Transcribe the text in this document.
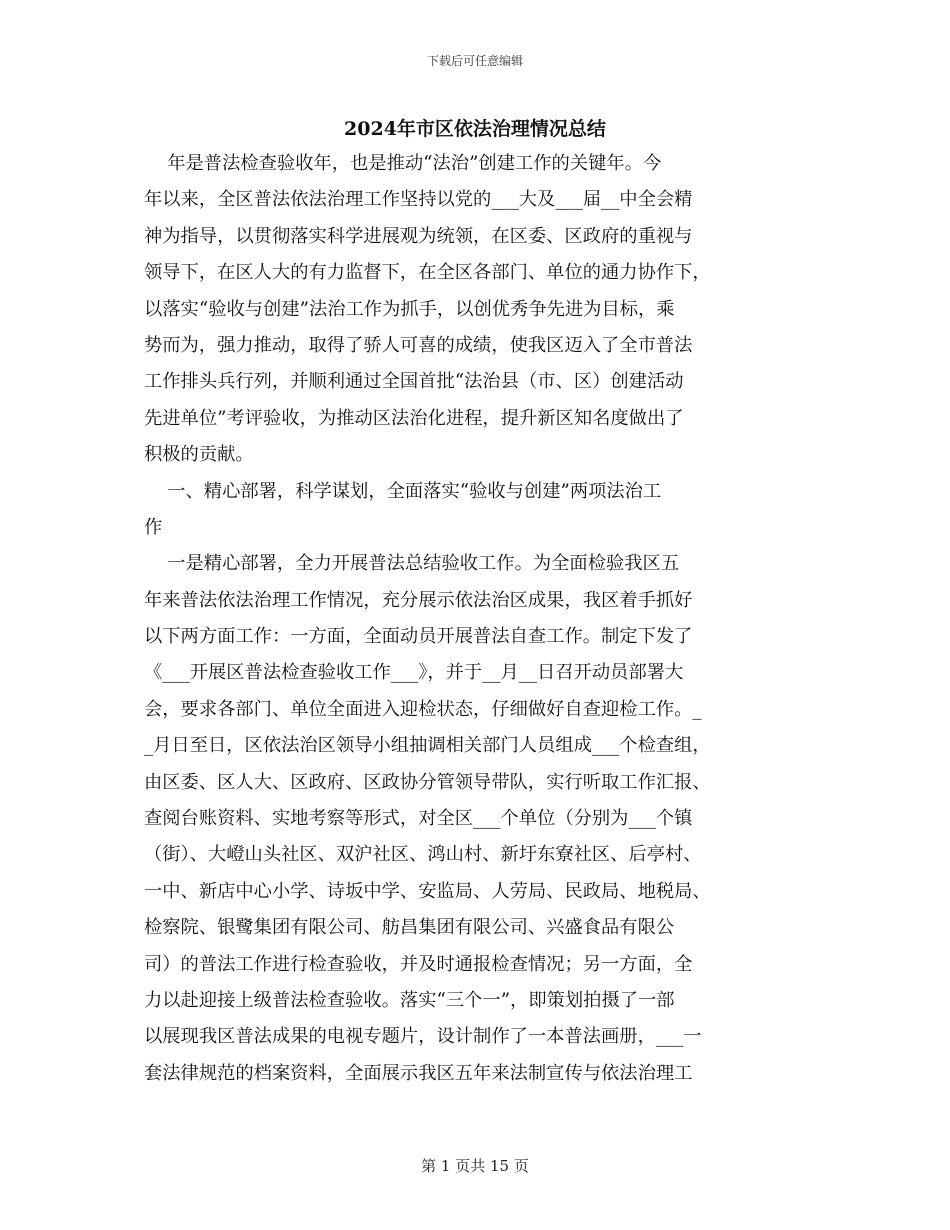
下载后可任意编辑
2024年市区依法治理情况总结
年是普法检查验收年，也是推动“法治”创建工作的关键年。今
年以来，全区普法依法治理工作坚持以党的___大及___届__中全会精
神为指导，以贯彻落实科学进展观为统领，在区委、区政府的重视与
领导下，在区人大的有力监督下，在全区各部门、单位的通力协作下，
以落实“验收与创建”法治工作为抓手，以创优秀争先进为目标，乘
势而为，强力推动，取得了骄人可喜的成绩，使我区迈入了全市普法
工作排头兵行列，并顺利通过全国首批“法治县（市、区）创建活动
先进单位”考评验收，为推动区法治化进程，提升新区知名度做出了
积极的贡献。
一、精心部署，科学谋划，全面落实“验收与创建”两项法治工
作
一是精心部署，全力开展普法总结验收工作。为全面检验我区五
年来普法依法治理工作情况，充分展示依法治区成果，我区着手抓好
以下两方面工作：一方面，全面动员开展普法自查工作。制定下发了
《___开展区普法检查验收工作___》，并于__月__日召开动员部署大
会，要求各部门、单位全面进入迎检状态，仔细做好自查迎检工作。_
_月日至日，区依法治区领导小组抽调相关部门人员组成___个检查组，
由区委、区人大、区政府、区政协分管领导带队，实行听取工作汇报、
查阅台账资料、实地考察等形式，对全区___个单位（分别为___个镇
（街）、大嶝山头社区、双沪社区、鸿山村、新圩东寮社区、后亭村、
一中、新店中心小学、诗坂中学、安监局、人劳局、民政局、地税局、
检察院、银鹭集团有限公司、舫昌集团有限公司、兴盛食品有限公
司）的普法工作进行检查验收，并及时通报检查情况；另一方面，全
力以赴迎接上级普法检查验收。落实“三个一”，即策划拍摄了一部
以展现我区普法成果的电视专题片，设计制作了一本普法画册，___一
套法律规范的档案资料，全面展示我区五年来法制宣传与依法治理工
第 1 页共 15 页
